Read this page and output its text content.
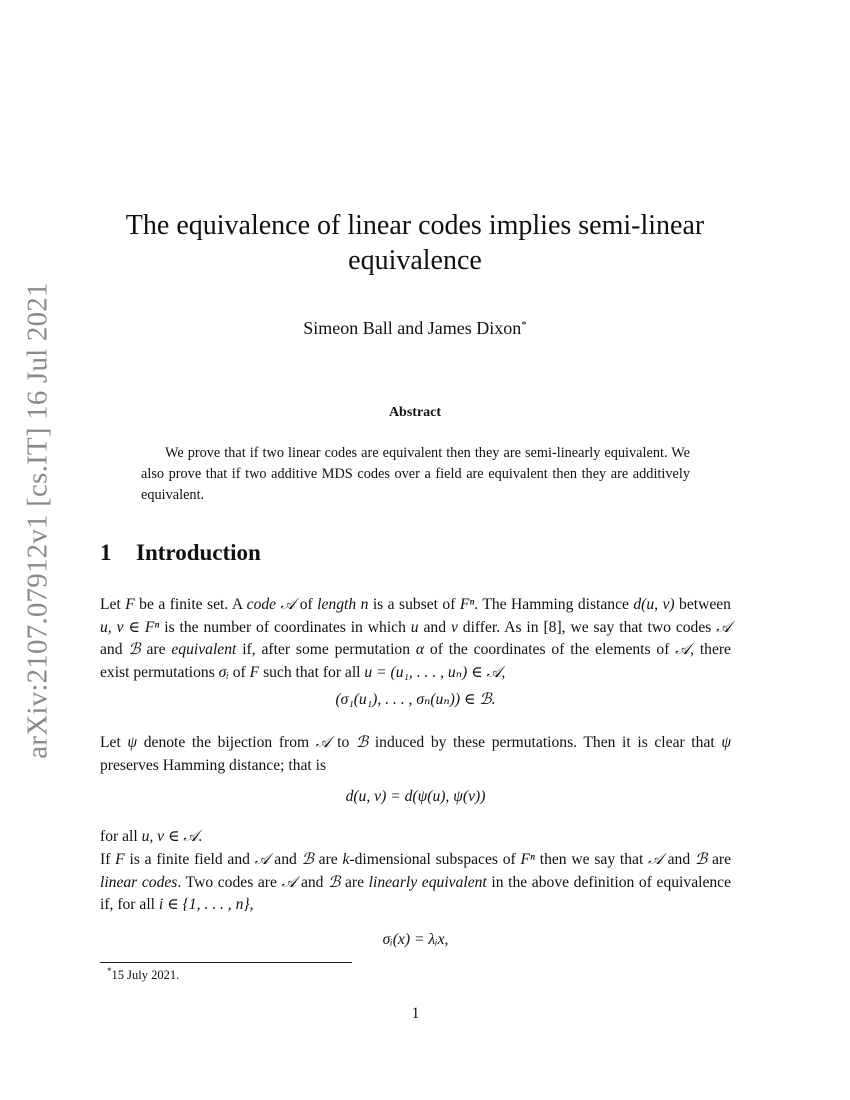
arXiv:2107.07912v1 [cs.IT] 16 Jul 2021
The equivalence of linear codes implies semi-linear equivalence
Simeon Ball and James Dixon*
Abstract
We prove that if two linear codes are equivalent then they are semi-linearly equivalent. We also prove that if two additive MDS codes over a field are equivalent then they are additively equivalent.
1 Introduction

Let F be a finite set. A code 𝒜 of length n is a subset of Fⁿ. The Hamming distance d(u, v) between u, v ∈ Fⁿ is the number of coordinates in which u and v differ. As in [8], we say that two codes 𝒜 and ℬ are equivalent if, after some permutation α of the coordinates of the elements of 𝒜, there exist permutations σᵢ of F such that for all u = (u₁, . . . , uₙ) ∈ 𝒜,

(σ₁(u₁), . . . , σₙ(uₙ)) ∈ ℬ.

Let ψ denote the bijection from 𝒜 to ℬ induced by these permutations. Then it is clear that ψ preserves Hamming distance; that is

d(u, v) = d(ψ(u), ψ(v))

for all u, v ∈ 𝒜.

If F is a finite field and 𝒜 and ℬ are k-dimensional subspaces of Fⁿ then we say that 𝒜 and ℬ are linear codes. Two codes are 𝒜 and ℬ are linearly equivalent in the above definition of equivalence if, for all i ∈ {1, . . . , n},

σᵢ(x) = λᵢx,
*15 July 2021.
1
